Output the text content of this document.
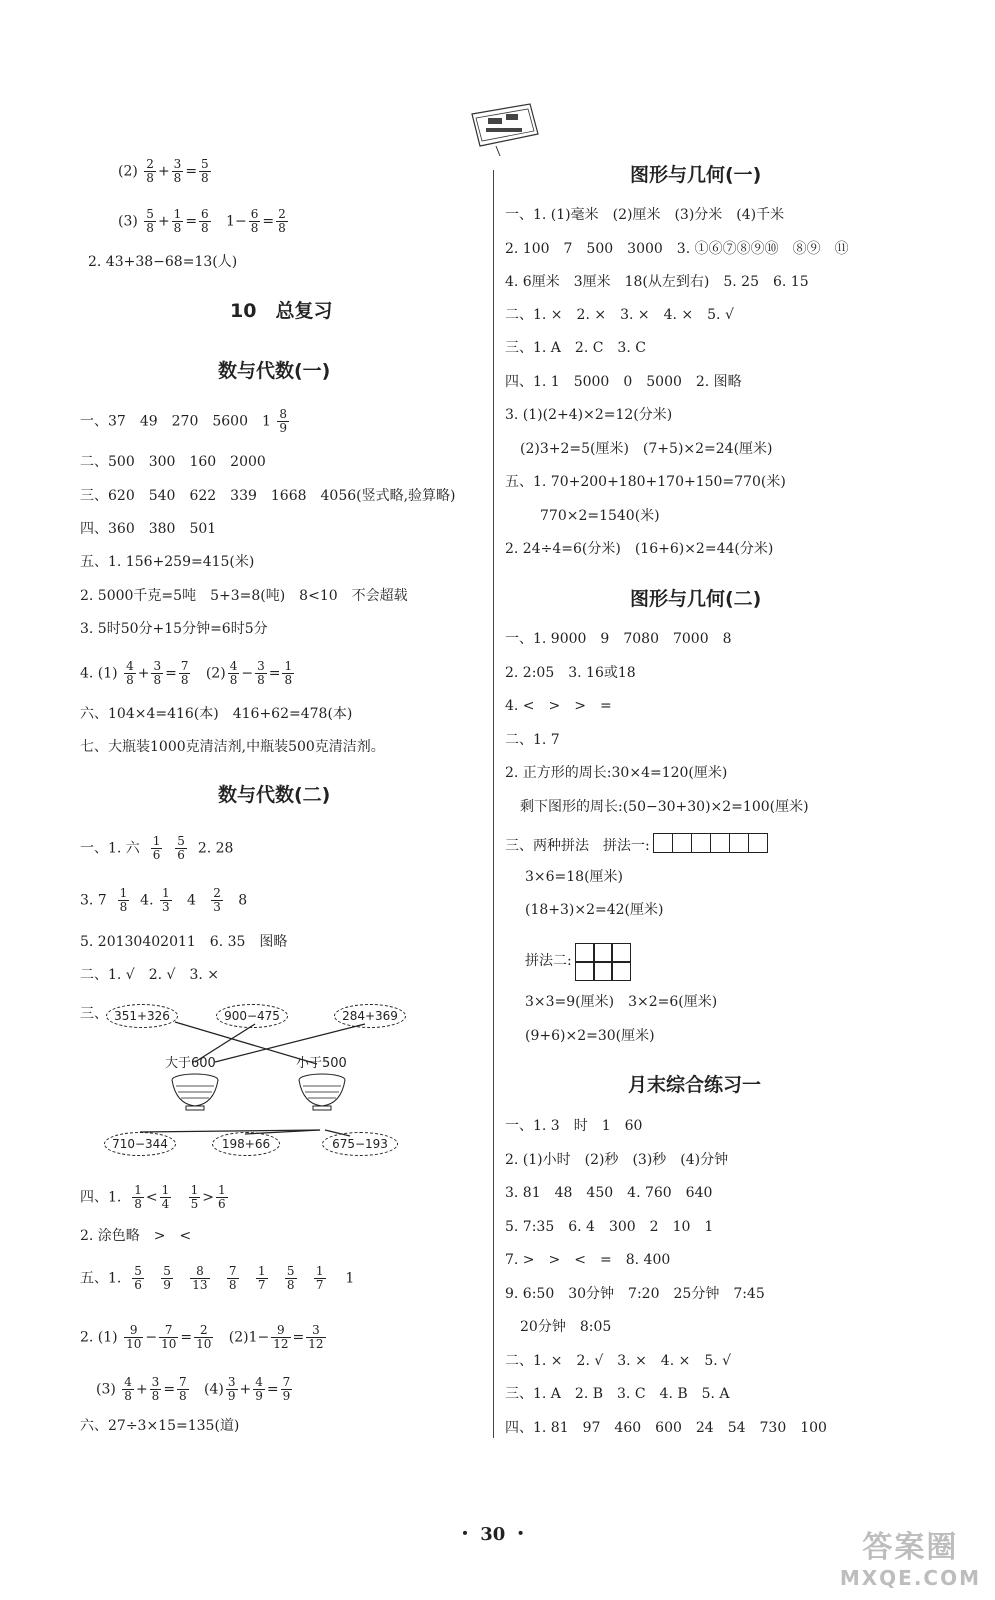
$(2) \frac{2}{8} + \frac{3}{8} = \frac{5}{8}$
$(3) \frac{5}{8} + \frac{1}{8} = \frac{6}{8} 1- \frac{6}{8} = \frac{2}{8}$
2. 43+38−68=13(人)
10　总复习
数与代数(一)
一、37　49　270　5600　$1 \frac{8}{9}$
二、500　300　160　2000
三、620　540　622　339　1668　4056(竖式略,验算略)
四、360　380　501
五、1. 156+259=415(米)
2. 5000千克=5吨　5+3=8(吨)　8<10　不会超载
3. 5时50分+15分钟=6时5分
4. $(1) \frac{4}{8} + \frac{3}{8} = \frac{7}{8} (2) \frac{4}{8} - \frac{3}{8} = \frac{1}{8}$
六、104×4=416(本)　416+62=478(本)
七、大瓶装1000克清洁剂,中瓶装500克清洁剂。
数与代数(二)
一、1. 六 $\frac{1}{6}$
$\frac{5}{6} 2$. 28
3. $7 \frac{1}{8} 4$. $\frac{1}{3} 4 \frac{2}{3} 8$
5. 20130402011　6. 35　图略
二、1. √　2. √　3. ×
三、 351+326	900−475	284+369
大于600	小于500
710−344	198+66	675−193
四、1. $\frac{1}{8} < \frac{1}{4}$
$\frac{1}{5} > \frac{1}{6}$
2. 涂色略　>　<
五、1. $\frac{5}{6}$
$\frac{5}{9}$
$\frac{8}{13}$
$\frac{7}{8}$
$\frac{1}{7}$
$\frac{5}{8}$
$\frac{1}{7} 1$
2. $(1) \frac{9}{10} - \frac{7}{10} = \frac{2}{10} (2)1- \frac{9}{12} = \frac{3}{12}$
$(3) \frac{4}{8} + \frac{3}{8} = \frac{7}{8} (4) \frac{3}{9} + \frac{4}{9} = \frac{7}{9}$
六、27÷3×15=135(道)
图形与几何(一)
一、1. (1)毫米　(2)厘米　(3)分米　(4)千米
2. 100　7　500　3000　3. ①⑥⑦⑧⑨⑩　⑧⑨　⑪
4. 6厘米　3厘米　18(从左到右)　5. 25　6. 15
二、1. ×　2. ×　3. ×　4. ×　5. √
三、1. A　2. C　3. C
四、1. 1　5000　0　5000　2. 图略
3. (1)(2+4)×2=12(分米)
(2)3+2=5(厘米)　(7+5)×2=24(厘米)
五、1. 70+200+180+170+150=770(米)
770×2=1540(米)
2. 24÷4=6(分米)　(16+6)×2=44(分米)
图形与几何(二)
一、1. 9000　9　7080　7000　8
2. 2:05　3. 16或18
4. <　>　>　=
二、1. 7
2. 正方形的周长:30×4=120(厘米)
剩下图形的周长:(50−30+30)×2=100(厘米)
三、两种拼法　拼法一:
3×6=18(厘米)
(18+3)×2=42(厘米)
拼法二:
3×3=9(厘米)　3×2=6(厘米)
(9+6)×2=30(厘米)
月末综合练习一
一、1. 3　时　1　60
2. (1)小时　(2)秒　(3)秒　(4)分钟
3. 81　48　450　4. 760　640
5. 7:35　6. 4　300　2　10　1
7. >　>　<　=　8. 400
9. 6:50　30分钟　7:20　25分钟　7:45
20分钟　8:05
二、1. ×　2. √　3. ×　4. ×　5. √
三、1. A　2. B　3. C　4. B　5. A
四、1. 81　97　460　600　24　54　730　100
・ 30 ・	答案圈
MXQE.COM
